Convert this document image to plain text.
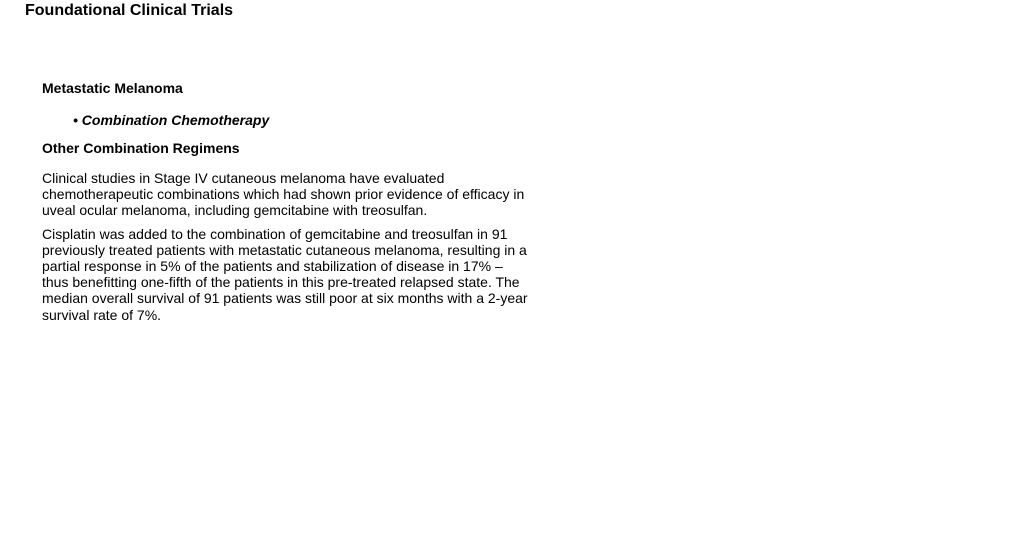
Foundational Clinical Trials
Metastatic Melanoma
• Combination Chemotherapy
Other Combination Regimens

Clinical studies in Stage IV cutaneous melanoma have evaluated chemotherapeutic combinations which had shown prior evidence of efficacy in uveal ocular melanoma, including gemcitabine with treosulfan.

Cisplatin was added to the combination of gemcitabine and treosulfan in 91 previously treated patients with metastatic cutaneous melanoma, resulting in a partial response in 5% of the patients and stabilization of disease in 17% – thus benefitting one-fifth of the patients in this pre-treated relapsed state. The median overall survival of 91 patients was still poor at six months with a 2-year survival rate of 7%.
